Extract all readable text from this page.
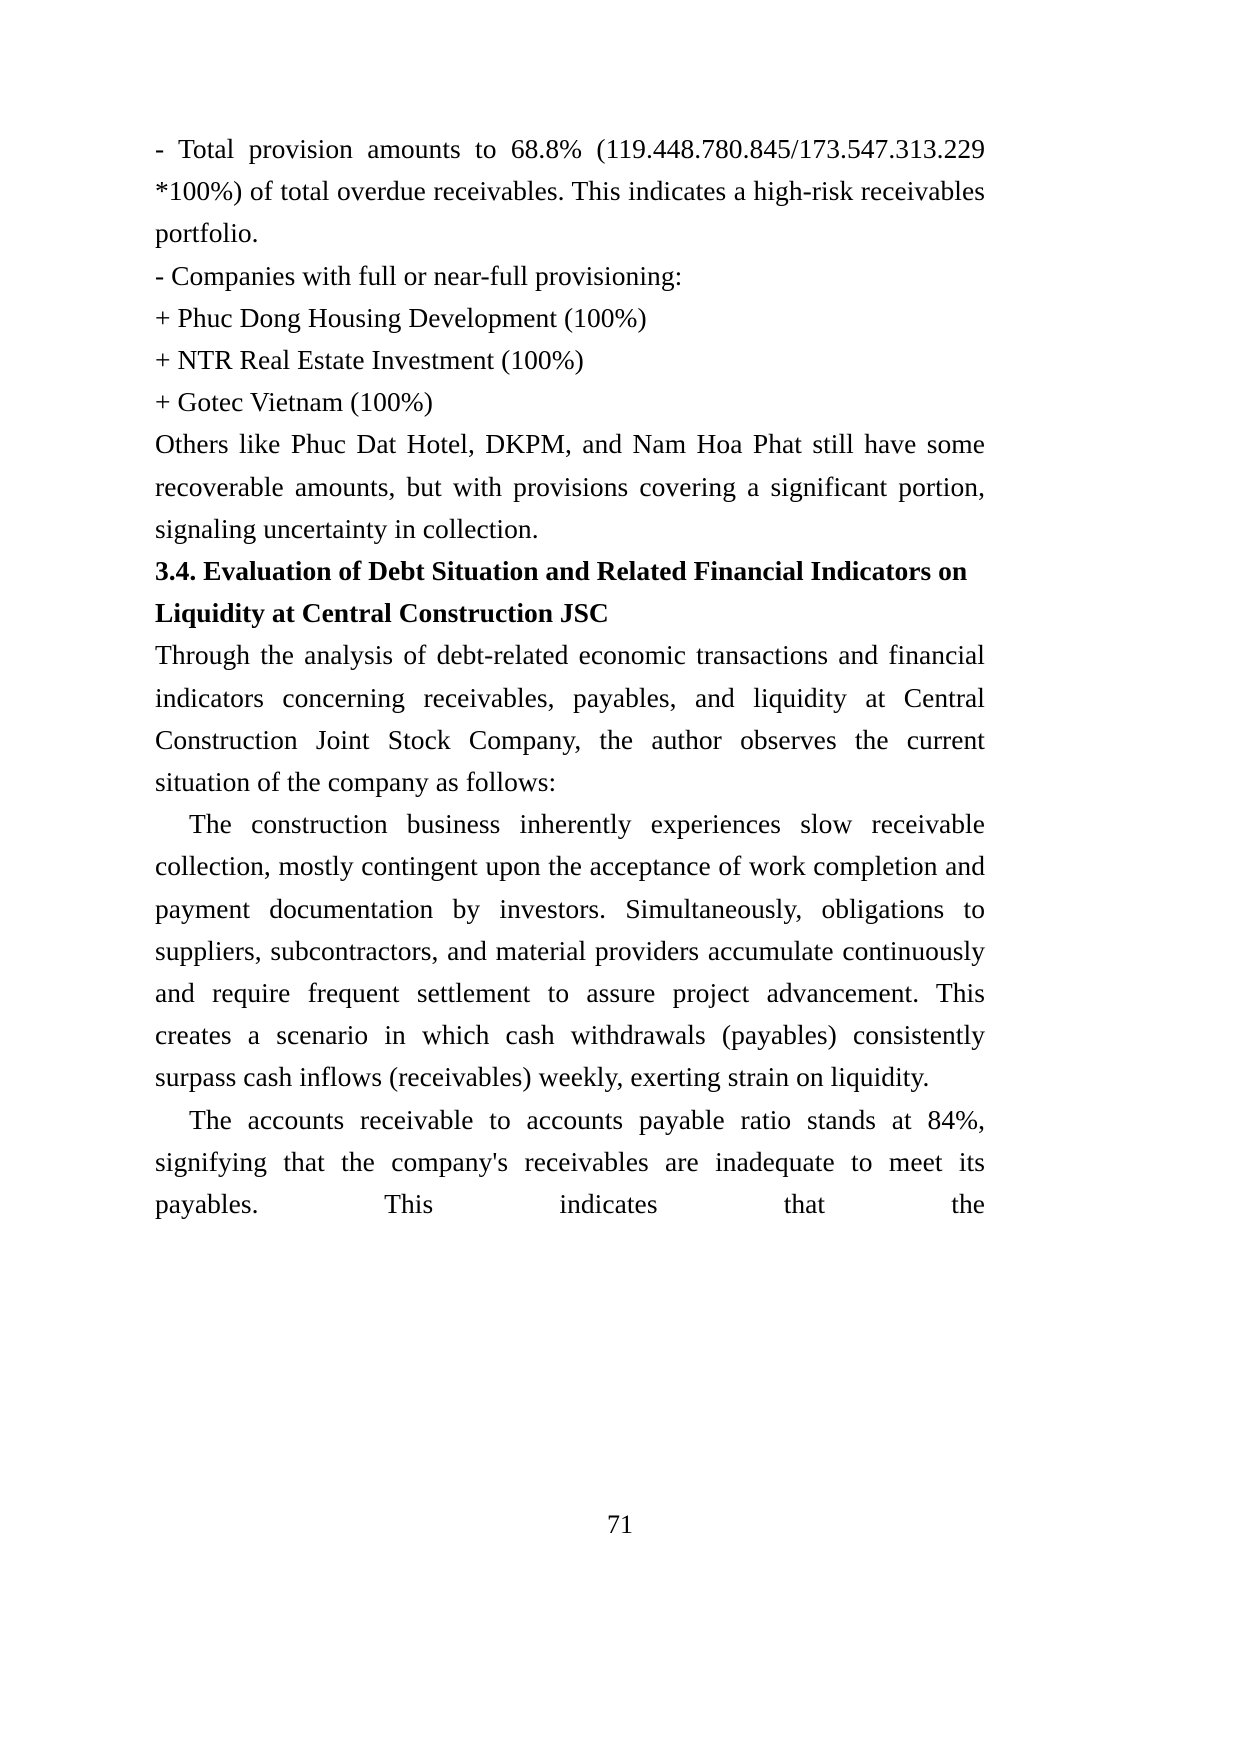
- Total provision amounts to 68.8% (119.448.780.845/173.547.313.229 *100%) of total overdue receivables. This indicates a high-risk receivables portfolio.

- Companies with full or near-full provisioning:

+ Phuc Dong Housing Development (100%)

+ NTR Real Estate Investment (100%)

+ Gotec Vietnam (100%)

Others like Phuc Dat Hotel, DKPM, and Nam Hoa Phat still have some recoverable amounts, but with provisions covering a significant portion, signaling uncertainty in collection.

3.4. Evaluation of Debt Situation and Related Financial Indicators on Liquidity at Central Construction JSC

Through the analysis of debt-related economic transactions and financial indicators concerning receivables, payables, and liquidity at Central Construction Joint Stock Company, the author observes the current situation of the company as follows:

The construction business inherently experiences slow receivable collection, mostly contingent upon the acceptance of work completion and payment documentation by investors. Simultaneously, obligations to suppliers, subcontractors, and material providers accumulate continuously and require frequent settlement to assure project advancement. This creates a scenario in which cash withdrawals (payables) consistently surpass cash inflows (receivables) weekly, exerting strain on liquidity.

The accounts receivable to accounts payable ratio stands at 84%, signifying that the company's receivables are inadequate to meet its payables. This indicates that the

71
